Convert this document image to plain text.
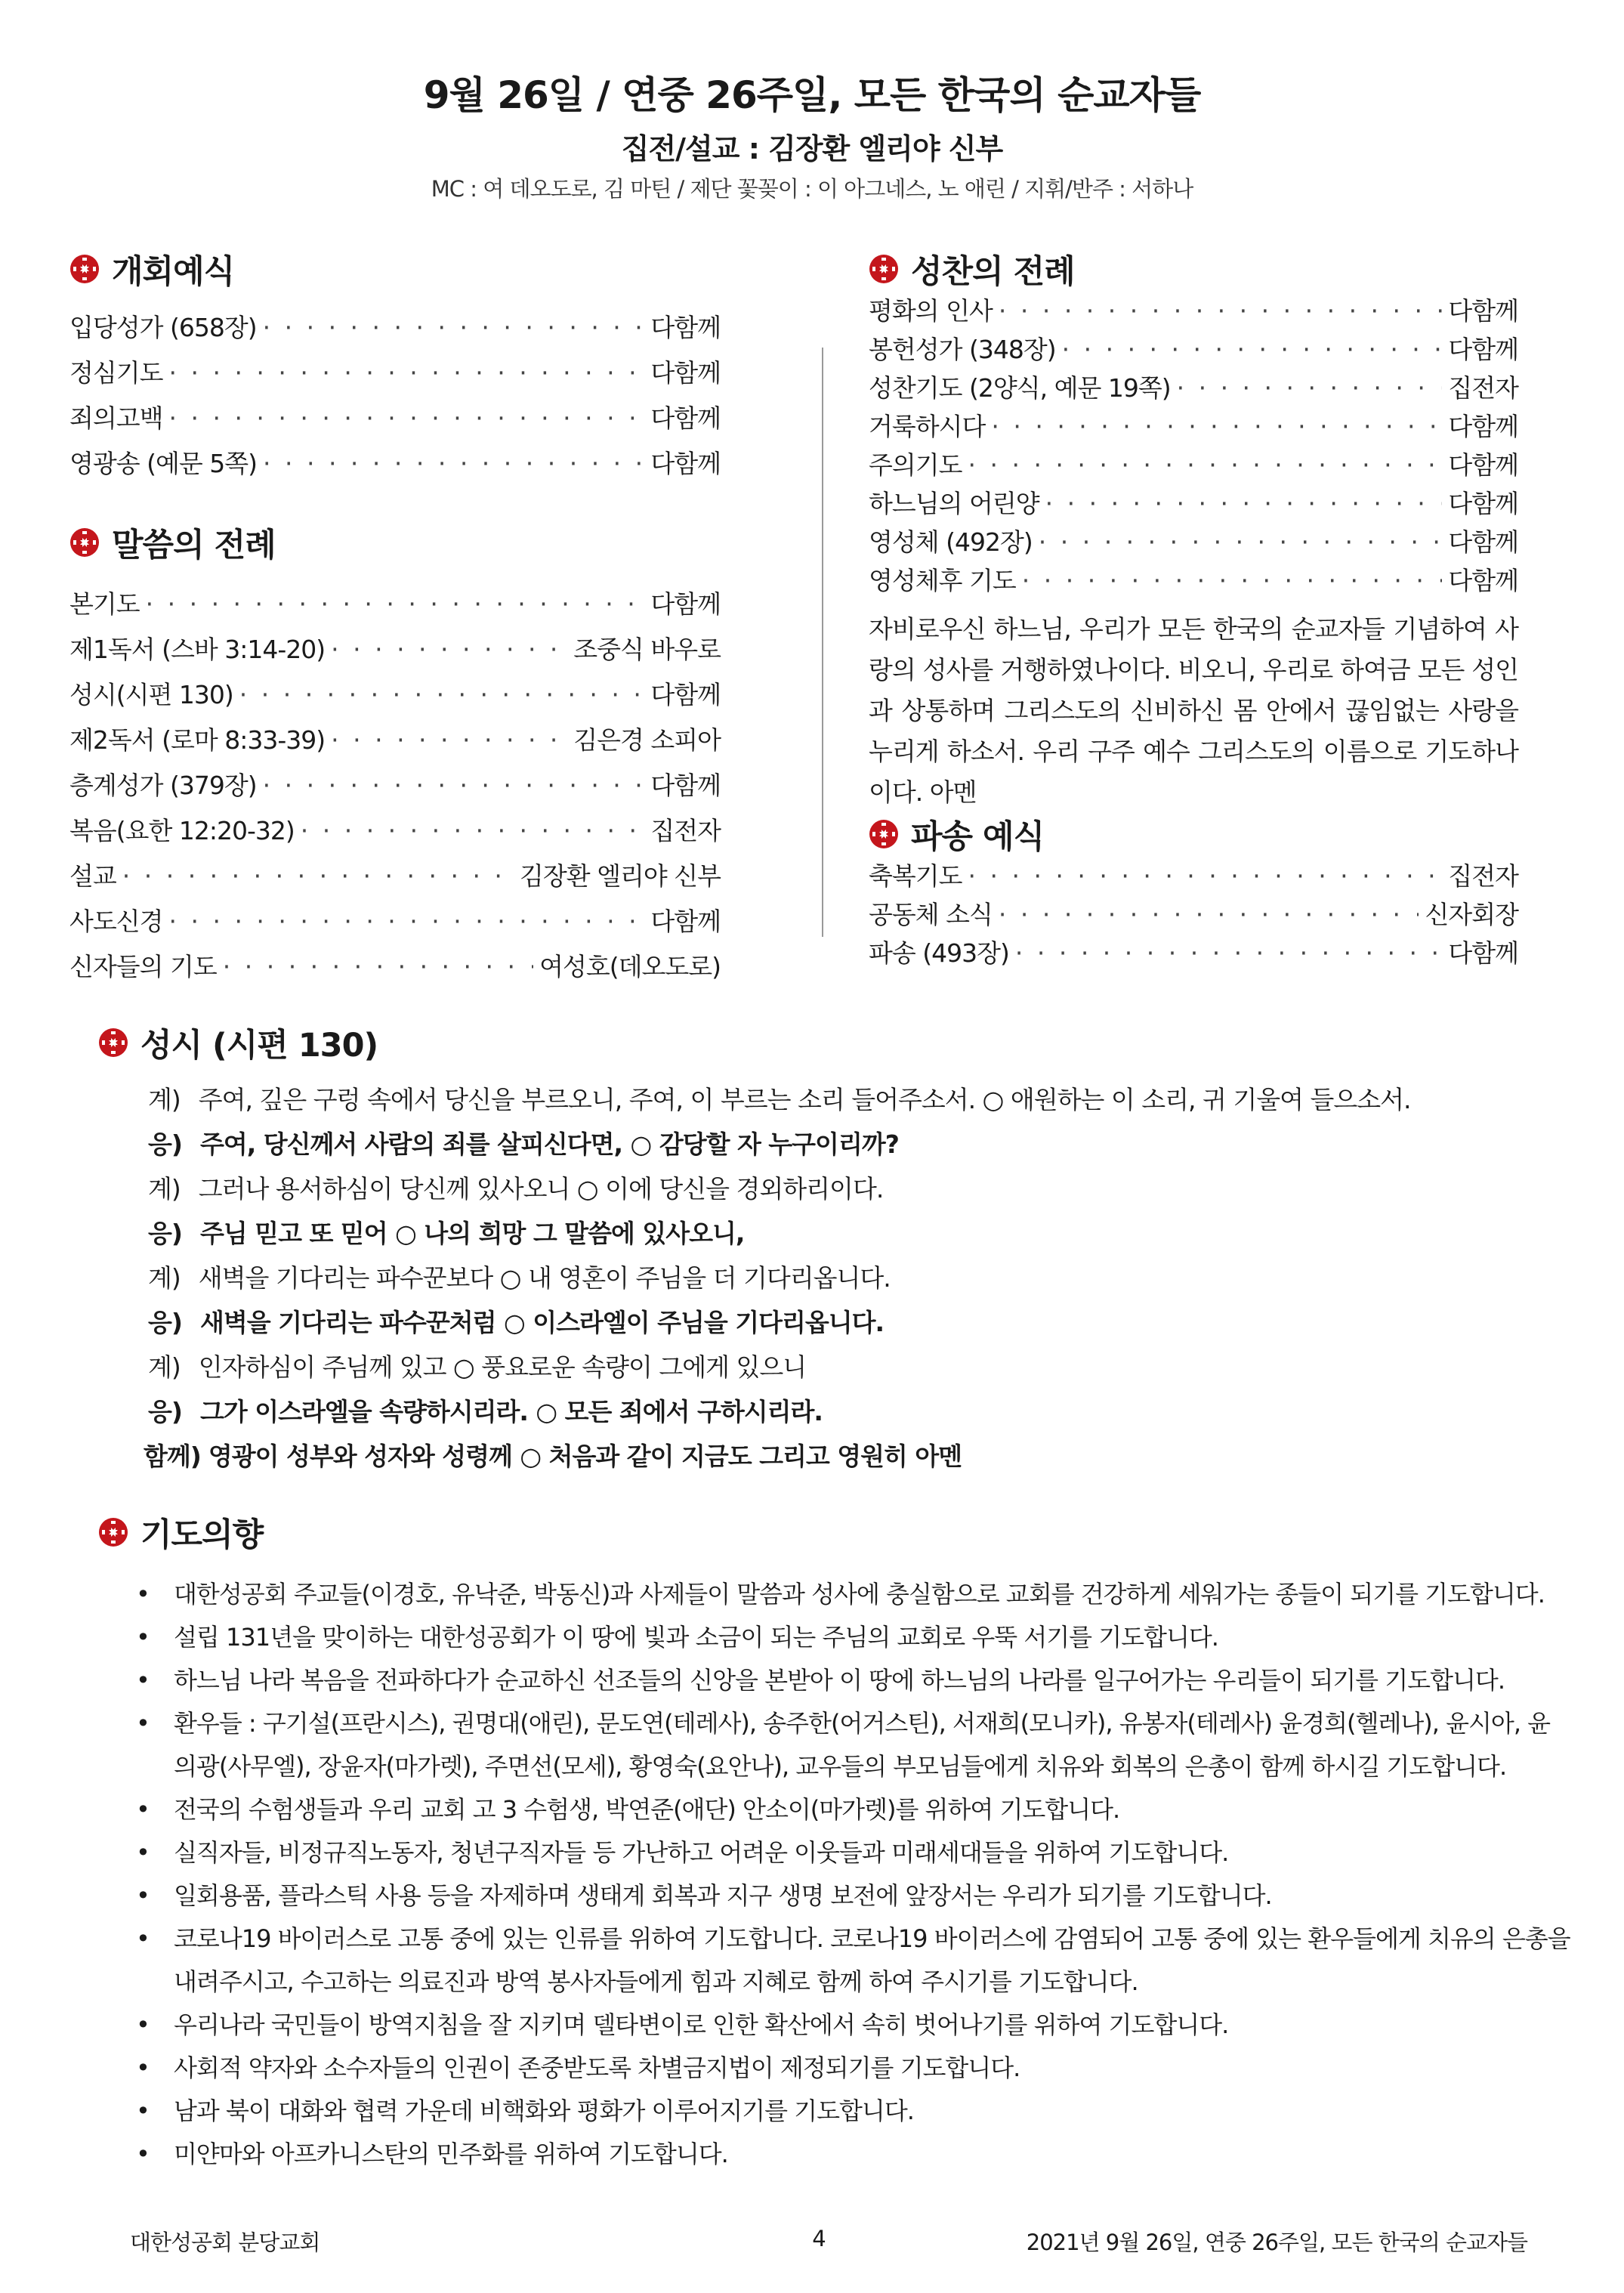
9월 26일 / 연중 26주일, 모든 한국의 순교자들
집전/설교 : 김장환 엘리야 신부
MC : 여 데오도로, 김 마틴 / 제단 꽃꽂이 : 이 아그네스, 노 애린 / 지휘/반주 : 서하나
개회예식
입당성가 (658장) · · ·	다함께
정심기도 · · ·	다함께
죄의고백 · · ·	다함께
영광송 (예문 5쪽) · · ·	다함께
말씀의 전례
본기도 · · ·	다함께
제1독서 (스바 3:14-20) · · ·	조중식 바우로
성시(시편 130) · · ·	다함께
제2독서 (로마 8:33-39) · · ·	김은경 소피아
층계성가 (379장) · · ·	다함께
복음(요한 12:20-32) · · ·	집전자
설교 · · ·	김장환 엘리야 신부
사도신경 · · ·	다함께
신자들의 기도 · · ·	여성호(데오도로)
성찬의 전례
평화의 인사 · · ·	다함께
봉헌성가 (348장) · · ·	다함께
성찬기도 (2양식, 예문 19쪽) · · ·	집전자
거룩하시다 · · ·	다함께
주의기도 · · ·	다함께
하느님의 어린양 · · ·	다함께
영성체 (492장) · · ·	다함께
영성체후 기도 · · ·	다함께
자비로우신 하느님, 우리가 모든 한국의 순교자들 기념하여 사랑의 성사를 거행하였나이다. 비오니, 우리로 하여금 모든 성인과 상통하며 그리스도의 신비하신 몸 안에서 끊임없는 사랑을 누리게 하소서. 우리 구주 예수 그리스도의 이름으로 기도하나이다. 아멘
파송 예식
축복기도 · · ·	집전자
공동체 소식 · · ·	신자회장
파송 (493장) · · ·	다함께
성시 (시편 130)
계) 주여, 깊은 구렁 속에서 당신을 부르오니, 주여, 이 부르는 소리 들어주소서. ○ 애원하는 이 소리, 귀 기울여 들으소서.
응) 주여, 당신께서 사람의 죄를 살피신다면, ○ 감당할 자 누구이리까?
계) 그러나 용서하심이 당신께 있사오니 ○ 이에 당신을 경외하리이다.
응) 주님 믿고 또 믿어 ○ 나의 희망 그 말씀에 있사오니,
계) 새벽을 기다리는 파수꾼보다 ○ 내 영혼이 주님을 더 기다리옵니다.
응) 새벽을 기다리는 파수꾼처럼 ○ 이스라엘이 주님을 기다리옵니다.
계) 인자하심이 주님께 있고 ○ 풍요로운 속량이 그에게 있으니
응) 그가 이스라엘을 속량하시리라. ○ 모든 죄에서 구하시리라.
함께) 영광이 성부와 성자와 성령께 ○ 처음과 같이 지금도 그리고 영원히 아멘
기도의향
• 대한성공회 주교들(이경호, 유낙준, 박동신)과 사제들이 말씀과 성사에 충실함으로 교회를 건강하게 세워가는 종들이 되기를 기도합니다.
• 설립 131년을 맞이하는 대한성공회가 이 땅에 빛과 소금이 되는 주님의 교회로 우뚝 서기를 기도합니다.
• 하느님 나라 복음을 전파하다가 순교하신 선조들의 신앙을 본받아 이 땅에 하느님의 나라를 일구어가는 우리들이 되기를 기도합니다.
• 환우들 : 구기설(프란시스), 권명대(애린), 문도연(테레사), 송주한(어거스틴), 서재희(모니카), 유봉자(테레사) 윤경희(헬레나), 윤시아, 윤의광(사무엘), 장윤자(마가렛), 주면선(모세), 황영숙(요안나), 교우들의 부모님들에게 치유와 회복의 은총이 함께 하시길 기도합니다.
• 전국의 수험생들과 우리 교회 고 3 수험생, 박연준(애단) 안소이(마가렛)를 위하여 기도합니다.
• 실직자들, 비정규직노동자, 청년구직자들 등 가난하고 어려운 이웃들과 미래세대들을 위하여 기도합니다.
• 일회용품, 플라스틱 사용 등을 자제하며 생태계 회복과 지구 생명 보전에 앞장서는 우리가 되기를 기도합니다.
• 코로나19 바이러스로 고통 중에 있는 인류를 위하여 기도합니다. 코로나19 바이러스에 감염되어 고통 중에 있는 환우들에게 치유의 은총을 내려주시고, 수고하는 의료진과 방역 봉사자들에게 힘과 지혜로 함께 하여 주시기를 기도합니다.
• 우리나라 국민들이 방역지침을 잘 지키며 델타변이로 인한 확산에서 속히 벗어나기를 위하여 기도합니다.
• 사회적 약자와 소수자들의 인권이 존중받도록 차별금지법이 제정되기를 기도합니다.
• 남과 북이 대화와 협력 가운데 비핵화와 평화가 이루어지기를 기도합니다.
• 미얀마와 아프카니스탄의 민주화를 위하여 기도합니다.
대한성공회 분당교회	4	2021년 9월 26일, 연중 26주일, 모든 한국의 순교자들
